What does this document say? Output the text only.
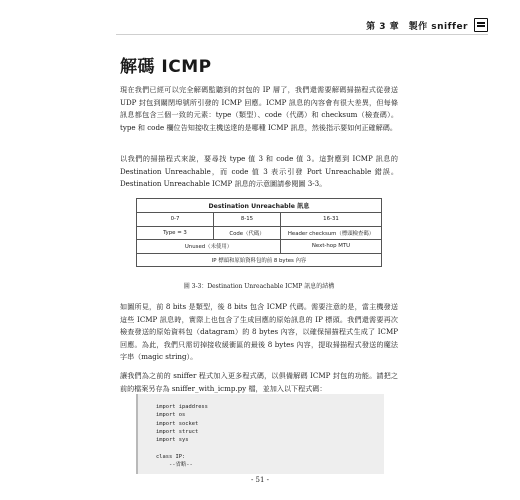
第 3 章　製作 sniffer
解碼 ICMP

現在我們已經可以完全解碼監聽到的封包的 IP 層了，我們還需要解碼掃描程式從發送 UDP 封包到關閉埠號所引發的 ICMP 回應。ICMP 訊息的內容會有很大差異，但每條訊息都包含三個一致的元素：type（類型）、code（代碼）和 checksum（檢查碼）。type 和 code 欄位告知接收主機送達的是哪種 ICMP 訊息，然後指示要如何正確解碼。

以我們的掃描程式來說，要尋找 type 值 3 和 code 值 3。這對應到 ICMP 訊息的 Destination Unreachable，而 code 值 3 表示引發 Port Unreachable 錯誤。Destination Unreachable ICMP 訊息的示意圖請參閱圖 3-3。

Destination Unreachable 訊息		
0-7	8-15	16-31
Type = 3	Code（代碼）	Header checksum（標頭檢查碼）
Unused（未使用）		Next-hop MTU
IP 標頭和原始資料包的前 8 bytes 內容		

圖 3-3：Destination Unreachable ICMP 訊息的結構

如圖所見，前 8 bits 是類型，後 8 bits 包含 ICMP 代碼。需要注意的是，當主機發送這些 ICMP 訊息時，實際上也包含了生成回應的原始訊息的 IP 標頭。我們還需要再次檢查發送的原始資料包（datagram）的 8 bytes 內容，以確保掃描程式生成了 ICMP 回應。為此，我們只需切掉接收緩衝區的最後 8 bytes 內容，提取掃描程式發送的魔法字串（magic string）。

讓我們為之前的 sniffer 程式加入更多程式碼，以俱備解碼 ICMP 封包的功能。請把之前的檔案另存為 sniffer_with_icmp.py 檔，並加入以下程式碼：

import ipaddress
import os
import socket
import struct
import sys
class IP:
--省略--
- 51 -
